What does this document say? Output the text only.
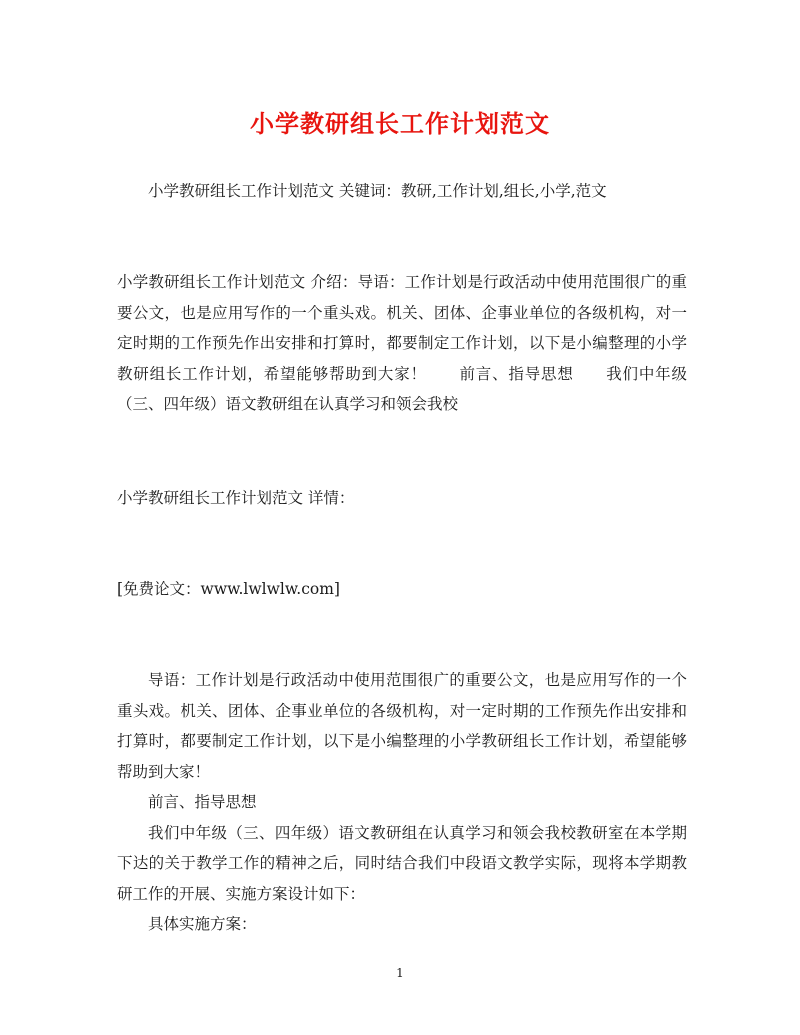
小学教研组长工作计划范文

小学教研组长工作计划范文 关键词：教研,工作计划,组长,小学,范文

小学教研组长工作计划范文 介绍：导语：工作计划是行政活动中使用范围很广的重要公文，也是应用写作的一个重头戏。机关、团体、企事业单位的各级机构，对一定时期的工作预先作出安排和打算时，都要制定工作计划，以下是小编整理的小学教研组长工作计划，希望能够帮助到大家！　　前言、指导思想　　我们中年级（三、四年级）语文教研组在认真学习和领会我校

小学教研组长工作计划范文 详情：

[免费论文：www.lwlwlw.com]

导语：工作计划是行政活动中使用范围很广的重要公文，也是应用写作的一个重头戏。机关、团体、企事业单位的各级机构，对一定时期的工作预先作出安排和打算时，都要制定工作计划，以下是小编整理的小学教研组长工作计划，希望能够帮助到大家！

前言、指导思想

我们中年级（三、四年级）语文教研组在认真学习和领会我校教研室在本学期下达的关于教学工作的精神之后，同时结合我们中段语文教学实际，现将本学期教研工作的开展、实施方案设计如下：

具体实施方案：

1
